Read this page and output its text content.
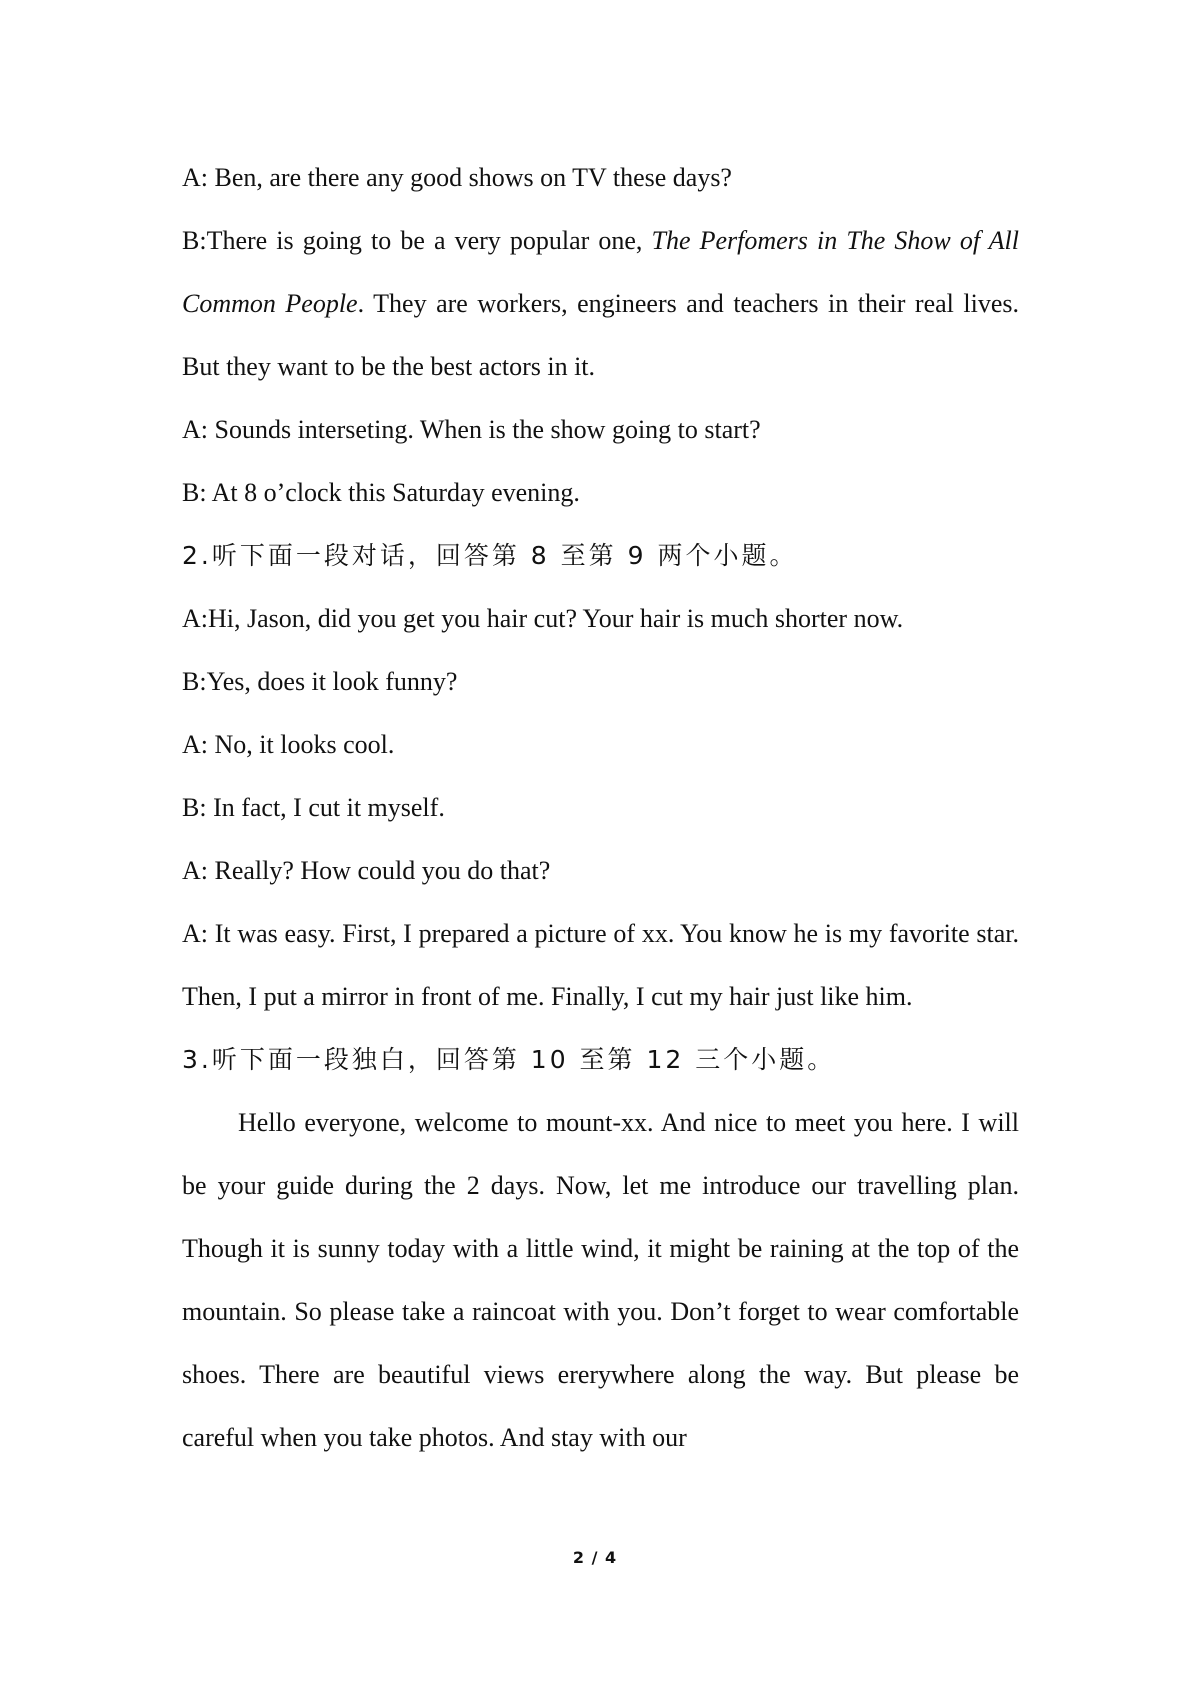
A: Ben, are there any good shows on TV these days?

B:There is going to be a very popular one, The Perfomers in The Show of All Common People. They are workers, engineers and teachers in their real lives. But they want to be the best actors in it.

A: Sounds interseting. When is the show going to start?
B: At 8 o’clock this Saturday evening.
2.听下面一段对话，回答第 8 至第 9 两个小题。
A:Hi, Jason, did you get you hair cut? Your hair is much shorter now.
B:Yes, does it look funny?
A: No, it looks cool.
B: In fact, I cut it myself.
A: Really? How could you do that?

A: It was easy. First, I prepared a picture of xx. You know he is my favorite star. Then, I put a mirror in front of me. Finally, I cut my hair just like him.

3.听下面一段独白，回答第 10 至第 12 三个小题。

Hello everyone, welcome to mount-xx. And nice to meet you here. I will be your guide during the 2 days. Now, let me introduce our travelling plan. Though it is sunny today with a little wind, it might be raining at the top of the mountain. So please take a raincoat with you. Don’t forget to wear comfortable shoes. There are beautiful views ererywhere along the way. But please be careful when you take photos. And stay with our

2 / 4
